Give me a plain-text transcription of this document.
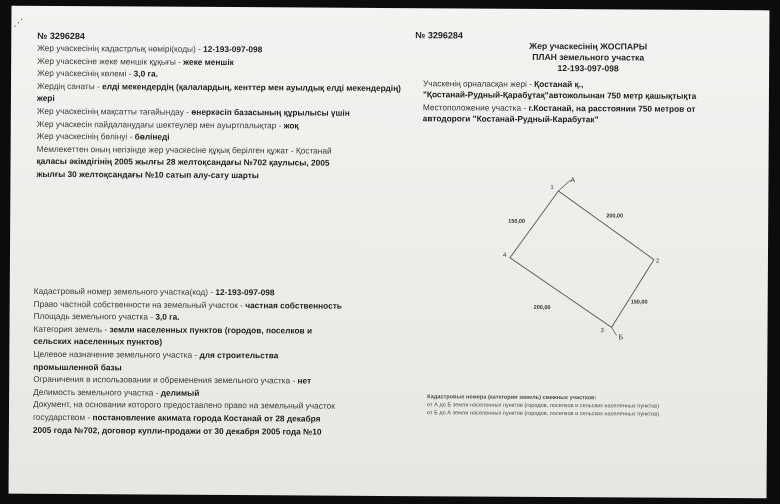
⋰
№ 3296284	№ 3296284
Жер учаскесінің кадастрлық нөмірі(коды) - 12-193-097-098
Жер учаскесіне жеке меншік құқығы - жеке меншік
Жер учаскесінің көлемі - 3,0 га.
Жердің санаты - елді мекендердің (қалалардың, кенттер мен ауылдық елді мекендердің) жері
Жер учаскесінің мақсатты тағайындау - өнеркәсіп базасының құрылысы үшін
Жер учаскесін пайдаланудағы шектеулер мен ауыртпалықтар - жоқ
Жер учаскесінің бөлінуі - бөлінеді
Мемлекеттен оның негізінде жер учаскесіне құқық берілген құжат - Қостанай
қаласы әкімдігінің 2005 жылғы 28 желтоқсандағы №702 қаулысы, 2005
жылғы 30 желтоқсандағы №10 сатып алу-сату шарты
Кадастровый номер земельного участка(код) - 12-193-097-098
Право частной собственности на земельный участок - частная собственность
Площадь земельного участка - 3,0 га.
Категория земель - земли населенных пунктов (городов, поселков и
сельских населенных пунктов)
Целевое назначение земельного участка - для строительства
промышленной базы
Ограничения в использовании и обременения земельного участка - нет
Делимость земельного участка - делимый
Документ, на основании которого предоставлено право на земельный участок
государством - постановление акимата города Костанай от 28 декабря
2005 года №702, договор купли-продажи от 30 декабря 2005 года №10
Жер учаскесінің ЖОСПАРЫ
ПЛАН земельного участка
12-193-097-098
Учаскенің орналасқан жері - Қостанай қ.,
"Қостанай-Рудный-Қарабұтақ"автожолынан 750 метр қашықтықта
Местоположение участка - г.Костанай, на расстоянии 750 метров от
автодороги "Костанай-Рудный-Карабутак"
1
2
3
4
А
Б
200,00
150,00
150,00
200,00
Кадастровые номера (категории земель) смежных участков:
от А до Б земли населенных пунктов (городов, поселков и сельских населенных пунктов)
от Б до А земли населенных пунктов (городов, поселков и сельских населенных пунктов)
